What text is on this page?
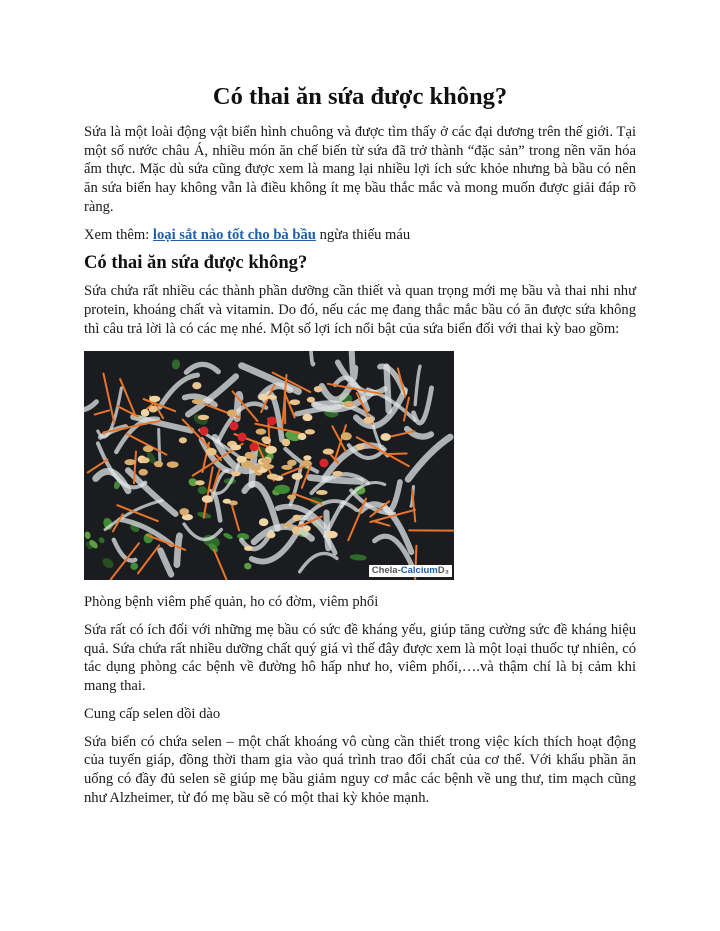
Có thai ăn sứa được không?

Sứa là một loài động vật biển hình chuông và được tìm thấy ở các đại dương trên thế giới. Tại một số nước châu Á, nhiều món ăn chế biến từ sứa đã trở thành “đặc sản” trong nền văn hóa ẩm thực. Mặc dù sứa cũng được xem là mang lại nhiều lợi ích sức khỏe nhưng bà bầu có nên ăn sứa biển hay không vẫn là điều không ít mẹ bầu thắc mắc và mong muốn được giải đáp rõ ràng.

Xem thêm: loại sắt nào tốt cho bà bầu ngừa thiếu máu

Có thai ăn sứa được không?

Sứa chứa rất nhiều các thành phần dưỡng cần thiết và quan trọng mới mẹ bầu và thai nhi như protein, khoáng chất và vitamin. Do đó, nếu các mẹ đang thắc mắc bầu có ăn được sứa không thì câu trả lời là có các mẹ nhé. Một số lợi ích nổi bật của sứa biển đối với thai kỳ bao gồm:

Chela-CalciumD₃

Phòng bệnh viêm phế quản, ho có đờm, viêm phổi

Sứa rất có ích đối với những mẹ bầu có sức đề kháng yếu, giúp tăng cường sức đề kháng hiệu quả. Sứa chứa rất nhiều dưỡng chất quý giá vì thế đây được xem là một loại thuốc tự nhiên, có tác dụng phòng các bệnh về đường hô hấp như ho, viêm phổi,….và thậm chí là bị cảm khi mang thai.

Cung cấp selen dồi dào

Sứa biển có chứa selen – một chất khoáng vô cùng cần thiết trong việc kích thích hoạt động của tuyến giáp, đồng thời tham gia vào quá trình trao đổi chất của cơ thể. Với khẩu phần ăn uống có đầy đủ selen sẽ giúp mẹ bầu giảm nguy cơ mắc các bệnh về ung thư, tim mạch cũng như Alzheimer, từ đó mẹ bầu sẽ có một thai kỳ khỏe mạnh.
